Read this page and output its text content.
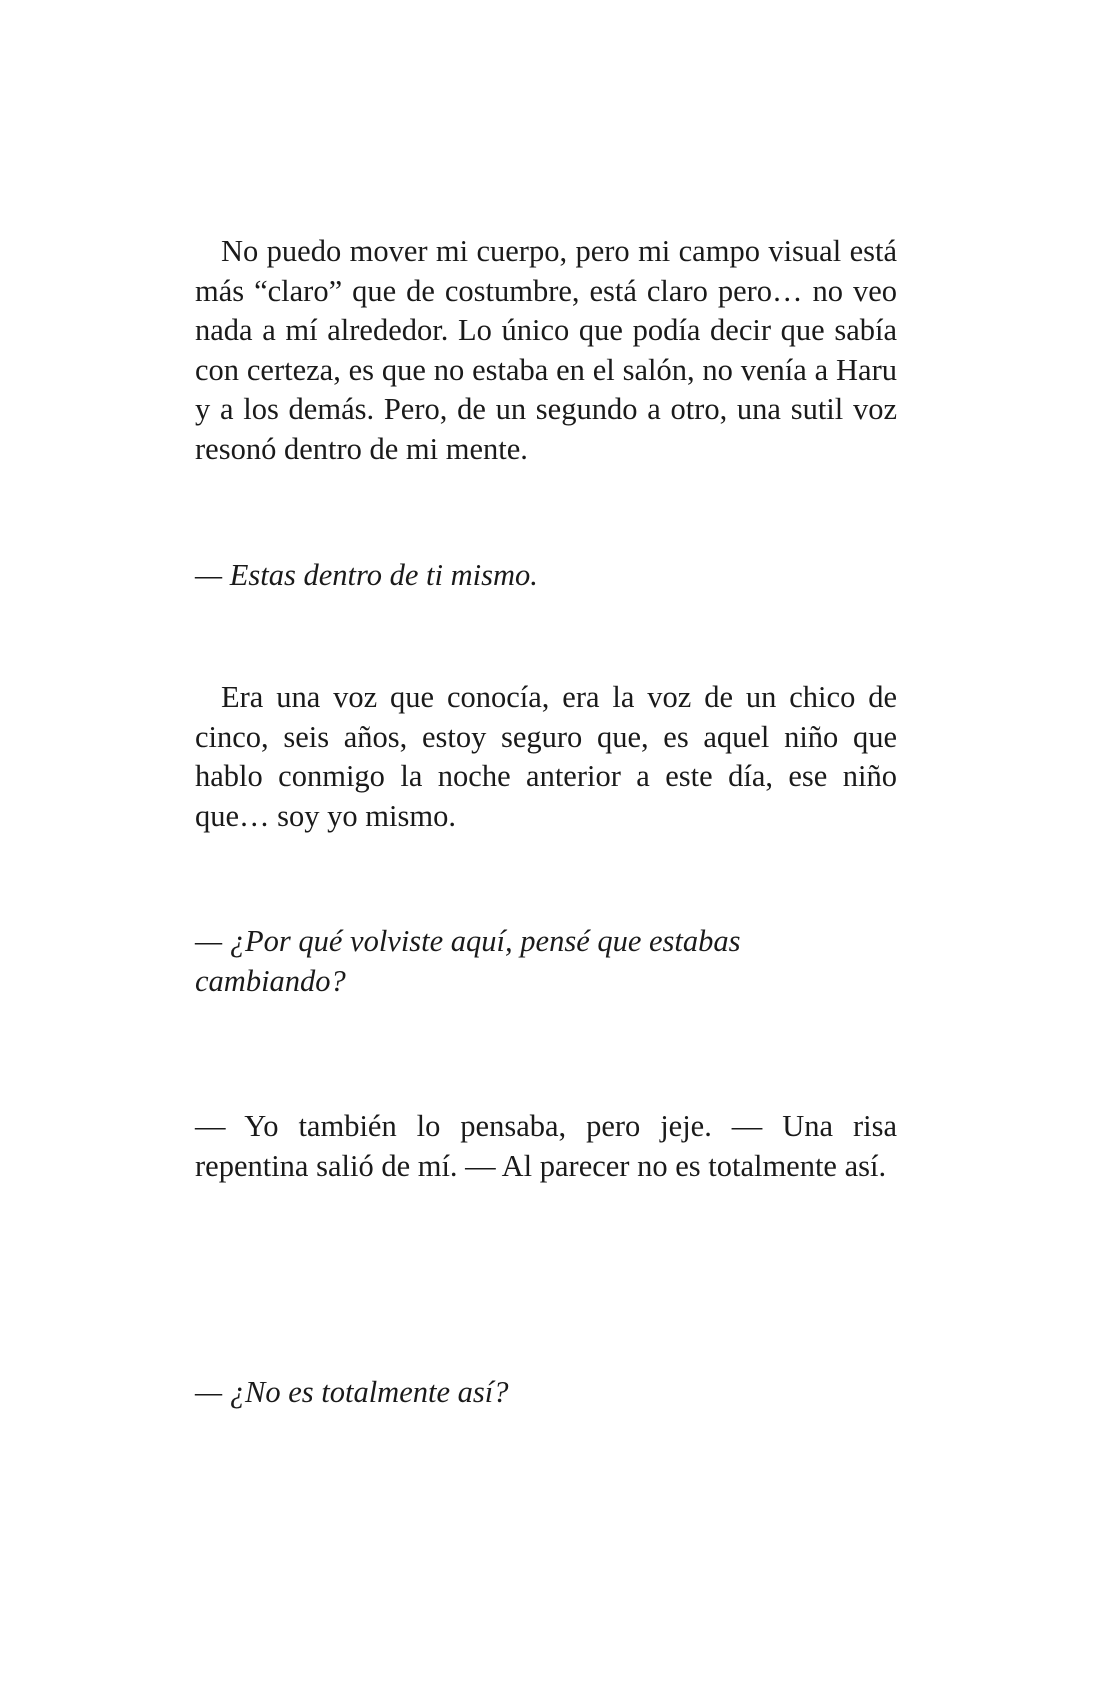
No puedo mover mi cuerpo, pero mi campo visual está más “claro” que de costumbre, está claro pero… no veo nada a mí alrededor. Lo único que podía decir que sabía con certeza, es que no estaba en el salón, no venía a Haru y a los demás. Pero, de un segundo a otro, una sutil voz resonó dentro de mi mente.

— Estas dentro de ti mismo.

Era una voz que conocía, era la voz de un chico de cinco, seis años, estoy seguro que, es aquel niño que hablo conmigo la noche anterior a este día, ese niño que… soy yo mismo.

— ¿Por qué volviste aquí, pensé que estabas cambiando?

— Yo también lo pensaba, pero jeje. — Una risa repentina salió de mí. — Al parecer no es totalmente así.

— ¿No es totalmente así?
